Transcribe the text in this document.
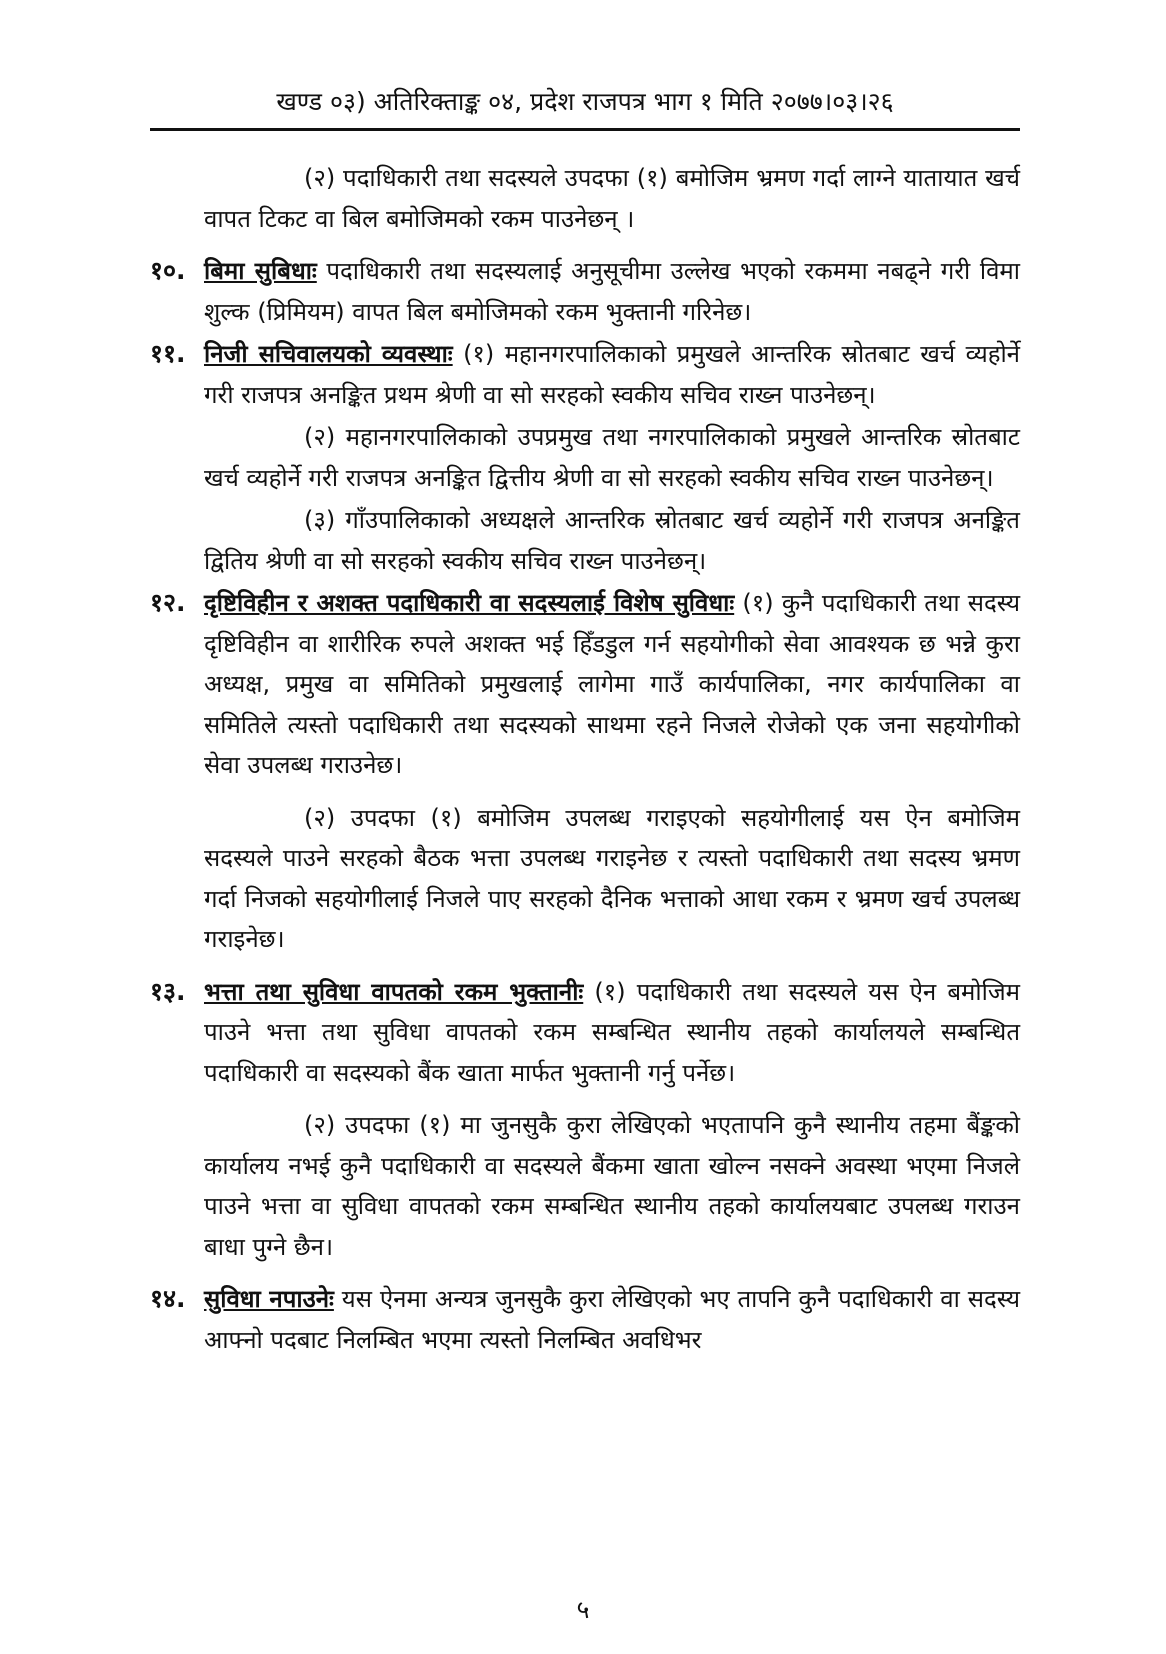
खण्ड ०३) अतिरिक्ताङ्क ०४, प्रदेश राजपत्र भाग १ मिति २०७७।०३।२६
(२) पदाधिकारी तथा सदस्यले उपदफा (१) बमोजिम भ्रमण गर्दा लाग्ने यातायात खर्च वापत टिकट वा बिल बमोजिमको रकम पाउनेछन् ।
१०. बिमा सुबिधाः पदाधिकारी तथा सदस्यलाई अनुसूचीमा उल्लेख भएको रकममा नबढ्ने गरी विमा शुल्क (प्रिमियम) वापत बिल बमोजिमको रकम भुक्तानी गरिनेछ।
११. निजी सचिवालयको व्यवस्थाः (१) महानगरपालिकाको प्रमुखले आन्तरिक स्रोतबाट खर्च व्यहोर्ने गरी राजपत्र अनङ्कित प्रथम श्रेणी वा सो सरहको स्वकीय सचिव राख्न पाउनेछन्।
(२) महानगरपालिकाको उपप्रमुख तथा नगरपालिकाको प्रमुखले आन्तरिक स्रोतबाट खर्च व्यहोर्ने गरी राजपत्र अनङ्कित द्वित्तीय श्रेणी वा सो सरहको स्वकीय सचिव राख्न पाउनेछन्।
(३) गाँउपालिकाको अध्यक्षले आन्तरिक स्रोतबाट खर्च व्यहोर्ने गरी राजपत्र अनङ्कित द्वितिय श्रेणी वा सो सरहको स्वकीय सचिव राख्न पाउनेछन्।
१२. दृष्टिविहीन र अशक्त पदाधिकारी वा सदस्यलाई विशेष सुविधाः (१) कुनै पदाधिकारी तथा सदस्य दृष्टिविहीन वा शारीरिक रुपले अशक्त भई हिँडडुल गर्न सहयोगीको सेवा आवश्यक छ भन्ने कुरा अध्यक्ष, प्रमुख वा समितिको प्रमुखलाई लागेमा गाउँ कार्यपालिका, नगर कार्यपालिका वा समितिले त्यस्तो पदाधिकारी तथा सदस्यको साथमा रहने निजले रोजेको एक जना सहयोगीको सेवा उपलब्ध गराउनेछ।
(२) उपदफा (१) बमोजिम उपलब्ध गराइएको सहयोगीलाई यस ऐन बमोजिम सदस्यले पाउने सरहको बैठक भत्ता उपलब्ध गराइनेछ र त्यस्तो पदाधिकारी तथा सदस्य भ्रमण गर्दा निजको सहयोगीलाई निजले पाए सरहको दैनिक भत्ताको आधा रकम र भ्रमण खर्च उपलब्ध गराइनेछ।
१३. भत्ता तथा सुविधा वापतको रकम भुक्तानीः (१) पदाधिकारी तथा सदस्यले यस ऐन बमोजिम पाउने भत्ता तथा सुविधा वापतको रकम सम्बन्धित स्थानीय तहको कार्यालयले सम्बन्धित पदाधिकारी वा सदस्यको बैंक खाता मार्फत भुक्तानी गर्नु पर्नेछ।
(२) उपदफा (१) मा जुनसुकै कुरा लेखिएको भएतापनि कुनै स्थानीय तहमा बैंङ्कको कार्यालय नभई कुनै पदाधिकारी वा सदस्यले बैंकमा खाता खोल्न नसक्ने अवस्था भएमा निजले पाउने भत्ता वा सुविधा वापतको रकम सम्बन्धित स्थानीय तहको कार्यालयबाट उपलब्ध गराउन बाधा पुग्ने छैन।
१४. सुविधा नपाउनेः यस ऐनमा अन्यत्र जुनसुकै कुरा लेखिएको भए तापनि कुनै पदाधिकारी वा सदस्य आफ्नो पदबाट निलम्बित भएमा त्यस्तो निलम्बित अवधिभर
५
